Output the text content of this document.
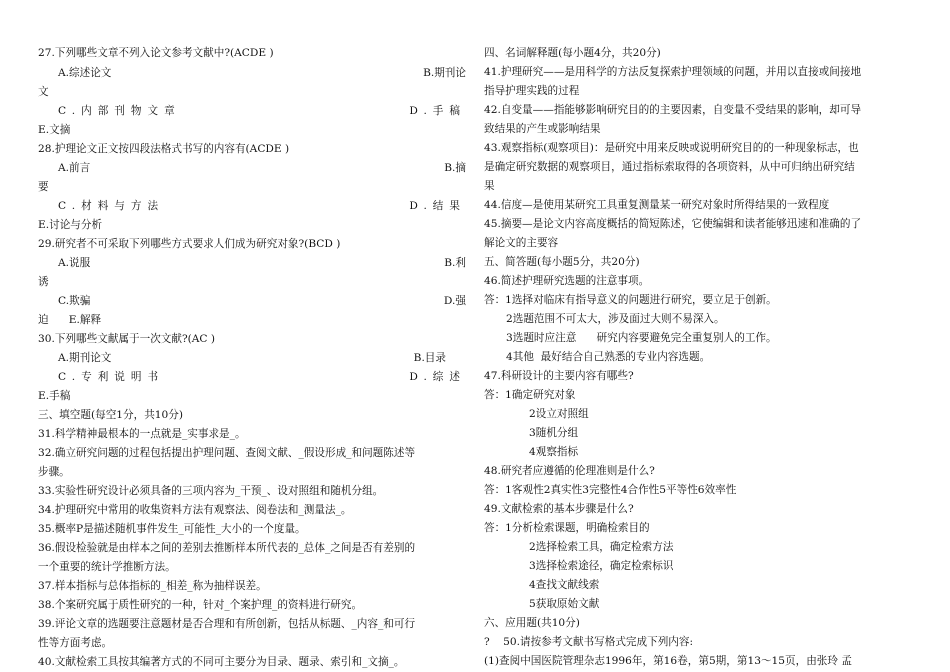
27.下列哪些文章不列入论文参考文献中?(ACDE )
A.综述论文	B.期刊论
文
C.内部刊物文章	D.手稿
E.文摘
28.护理论文正文按四段法格式书写的内容有(ACDE )
A.前言	B.摘
要
C.材料与方法	D.结果
E.讨论与分析
29.研究者不可采取下列哪些方式要求人们成为研究对象?(BCD )
A.说服	B.利
诱
C.欺骗	D.强
迫      E.解释
30.下列哪些文献属于一次文献?(AC )
A.期刊论文	B.目录
C.专利说明书	D.综述
E.手稿
三、填空题(每空1分，共10分)
31.科学精神最根本的一点就是_实事求是_。
32.确立研究问题的过程包括提出护理问题、查阅文献、_假设形成_和问题陈述等
步骤。
33.实验性研究设计必须具备的三项内容为_干预_、设对照组和随机分组。
34.护理研究中常用的收集资料方法有观察法、阅卷法和_测量法_。
35.概率P是描述随机事件发生_可能性_大小的一个度量。
36.假设检验就是由样本之间的差别去推断样本所代表的_总体_之间是否有差别的
一个重要的统计学推断方法。
37.样本指标与总体指标的_相差_称为抽样误差。
38.个案研究属于质性研究的一种，针对_个案护理_的资料进行研究。
39.评论文章的选题要注意题材是否合理和有所创新，包括从标题、_内容_和可行
性等方面考虑。
40.文献检索工具按其编著方式的不同可主要分为目录、题录、索引和_文摘_。
四、名词解释题(每小题4分，共20分)
41.护理研究——是用科学的方法反复探索护理领域的问题，并用以直接或间接地
指导护理实践的过程
42.自变量——指能够影响研究目的的主要因素，自变量不受结果的影响，却可导
致结果的产生或影响结果
43.观察指标(观察项目)：是研究中用来反映或说明研究目的的一种现象标志，也
是确定研究数据的观察项目，通过指标索取得的各项资料，从中可归纳出研究结
果
44.信度—是使用某研究工具重复测量某一研究对象时所得结果的一致程度
45.摘要—是论文内容高度概括的简短陈述，它使编辑和读者能够迅速和准确的了
解论文的主要容
五、简答题(每小题5分，共20分)
46.简述护理研究选题的注意事项。
答：1选择对临床有指导意义的问题进行研究，要立足于创新。
2选题范围不可太大，涉及面过大则不易深入。
3选题时应注意      研究内容要避免完全重复别人的工作。
4其他  最好结合自己熟悉的专业内容选题。
47.科研设计的主要内容有哪些?
答：1确定研究对象
2设立对照组
3随机分组
4观察指标
48.研究者应遵循的伦理准则是什么?
答：1客观性2真实性3完整性4合作性5平等性6效率性
49.文献检索的基本步骤是什么?
答：1分析检索课题，明确检索目的
2选择检索工具，确定检索方法
3选择检索途径，确定检索标识
4查找文献线索
5获取原始文献
六、应用题(共10分)
?    50.请按参考文献书写格式完成下列内容:
(1)查阅中国医院管理杂志1996年，第16卷，第5期，第13～15页，由张玲 孟
